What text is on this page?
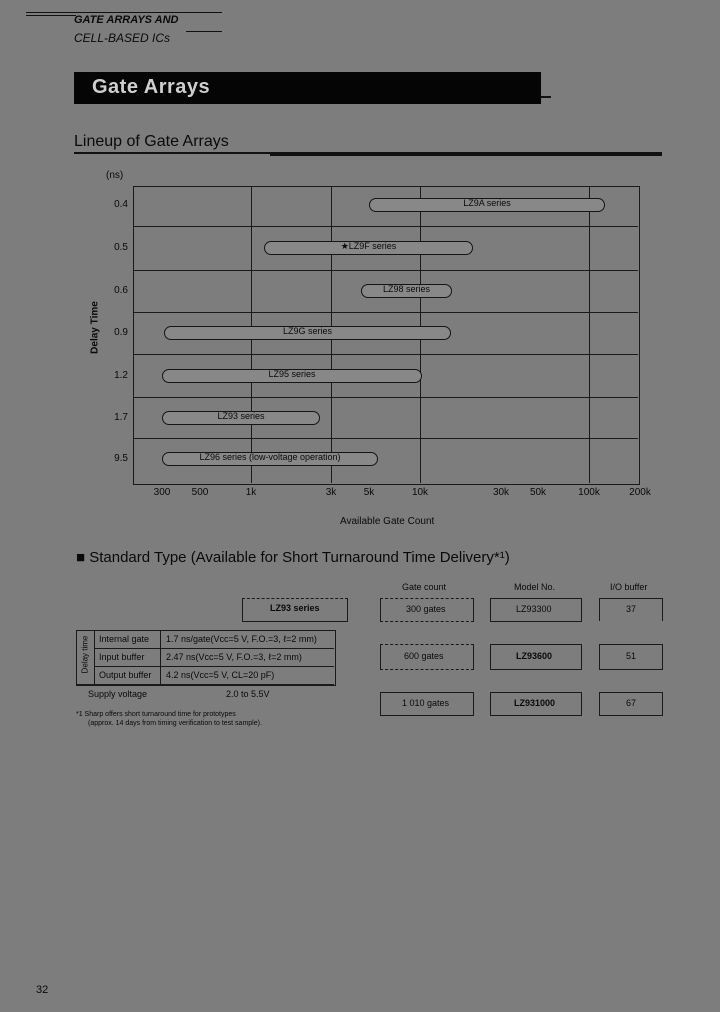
GATE ARRAYS AND
CELL-BASED ICs
Gate Arrays
Lineup of Gate Arrays
(ns)
Delay Time
300	500	1k	3k	5k	10k	30k	50k	100k	200k
0.4
0.5
0.6
0.9
1.2
1.7
9.5
LZ9A series
★LZ9F series
LZ98 series
LZ9G series
LZ95 series
LZ93 series
LZ96 series (low-voltage operation)
Available Gate Count
■ Standard Type (Available for Short Turnaround Time Delivery*¹)
Gate count	Model No.	I/O buffer
LZ93 series
Delay time Internal gate 1.7 ns/gate(Vcc=5 V, F.O.=3, ℓ=2 mm)
Input buffer 2.47 ns(Vcc=5 V, F.O.=3, ℓ=2 mm)
Output buffer 4.2 ns(Vcc=5 V, CL=20 pF)
Supply voltage	2.0 to 5.5V
300 gates	LZ93300	37
600 gates	LZ93600	51
1 010 gates	LZ931000	67
*1 Sharp offers short turnaround time for prototypes
(approx. 14 days from timing verification to test sample).
32
